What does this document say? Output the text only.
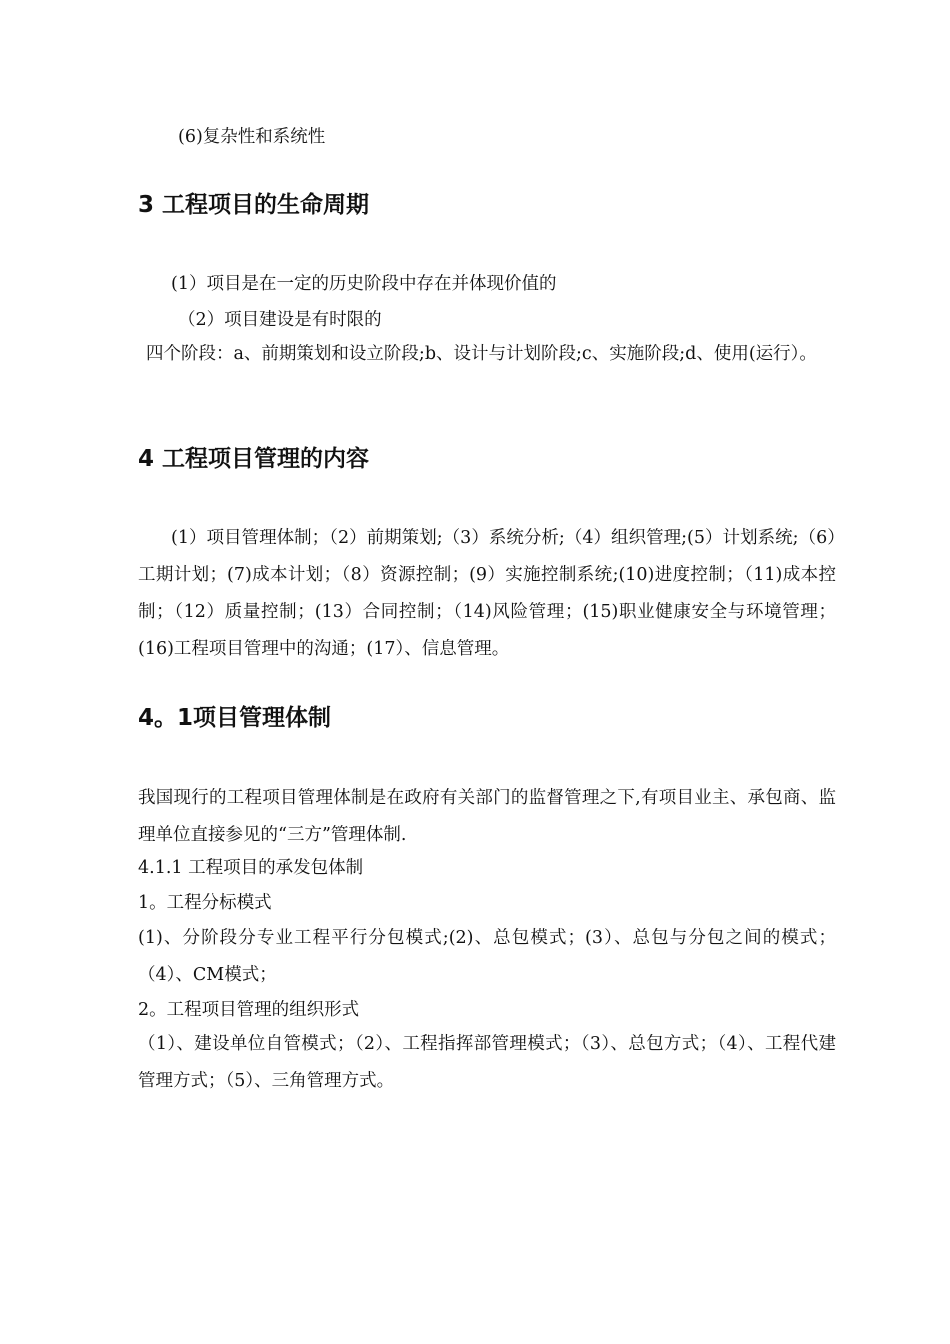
(6)复杂性和系统性
3 工程项目的生命周期
(1）项目是在一定的历史阶段中存在并体现价值的
（2）项目建设是有时限的
四个阶段：a、前期策划和设立阶段;b、设计与计划阶段;c、实施阶段;d、使用(运行）。
4 工程项目管理的内容
(1）项目管理体制；（2）前期策划;（3）系统分析;（4）组织管理;(5）计划系统;（6）工期计划；(7)成本计划；（8）资源控制；(9）实施控制系统;(10)进度控制；（11)成本控制；（12）质量控制；(13）合同控制；（14)风险管理；(15)职业健康安全与环境管理；(16)工程项目管理中的沟通；(17）、信息管理。
4。1项目管理体制
我国现行的工程项目管理体制是在政府有关部门的监督管理之下,有项目业主、承包商、监理单位直接参见的“三方”管理体制.
4.1.1 工程项目的承发包体制
1。工程分标模式
(1)、分阶段分专业工程平行分包模式;(2)、总包模式；(3）、总包与分包之间的模式；（4）、CM模式；
2。工程项目管理的组织形式
（1）、建设单位自管模式；（2）、工程指挥部管理模式；（3）、总包方式；（4）、工程代建管理方式；（5）、三角管理方式。
